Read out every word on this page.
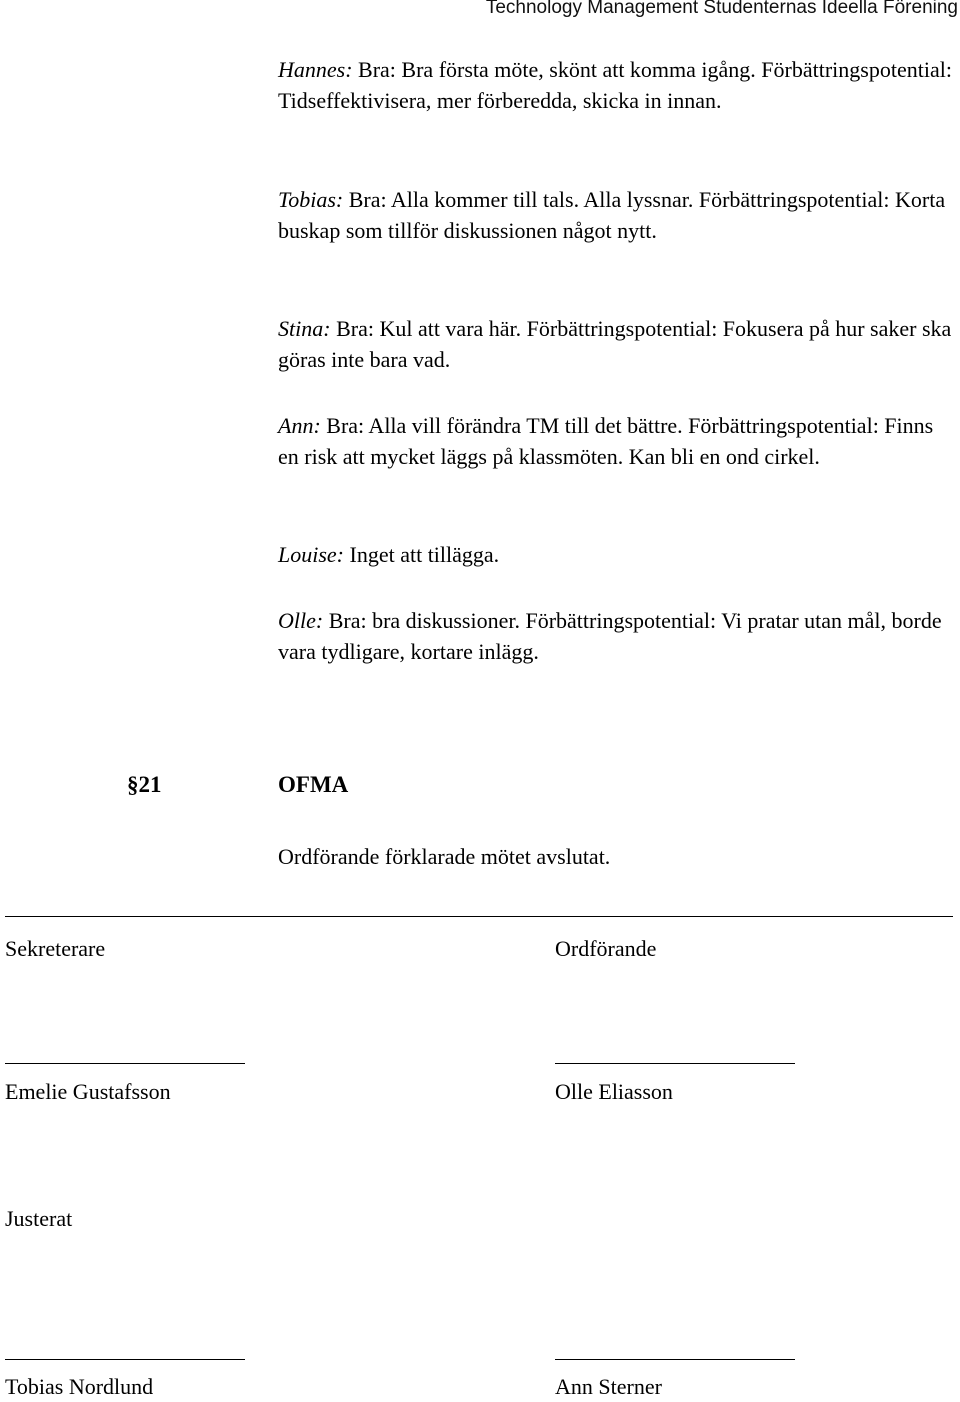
Technology Management Studenternas Ideella Förening

Hannes: Bra: Bra första möte, skönt att komma igång. Förbättringspotential: Tidseffektivisera, mer förberedda, skicka in innan.

Tobias: Bra: Alla kommer till tals. Alla lyssnar. Förbättringspotential: Korta buskap som tillför diskussionen något nytt.

Stina: Bra: Kul att vara här. Förbättringspotential: Fokusera på hur saker ska göras inte bara vad.

Ann: Bra: Alla vill förändra TM till det bättre. Förbättringspotential: Finns en risk att mycket läggs på klassmöten. Kan bli en ond cirkel.

Louise: Inget att tillägga.

Olle: Bra: bra diskussioner. Förbättringspotential: Vi pratar utan mål, borde vara tydligare, kortare inlägg.

§21	OFMA
Ordförande förklarade mötet avslutat.
Sekreterare	Ordförande
Emelie Gustafsson	Olle Eliasson
Justerat
Tobias Nordlund	Ann Sterner
